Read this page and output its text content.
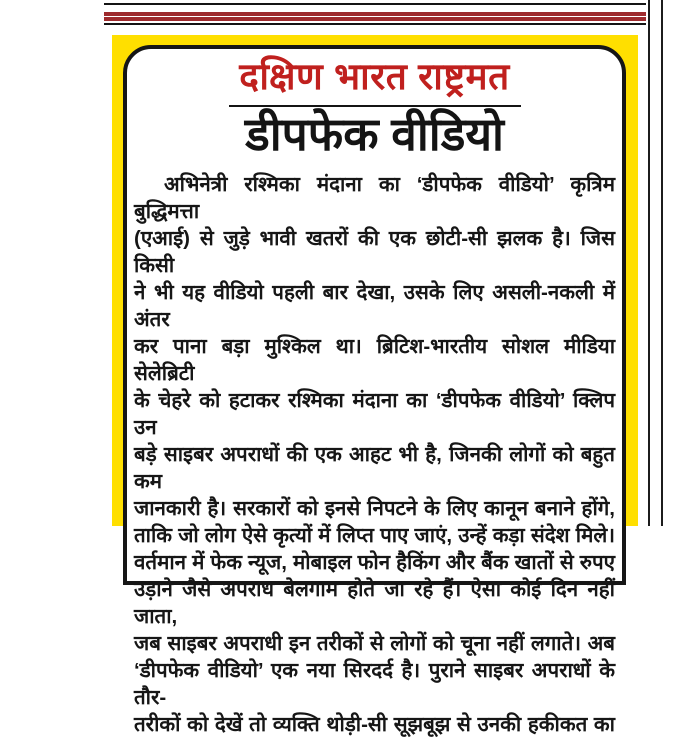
दक्षिण भारत राष्ट्रमत
डीपफेक वीडियो
अभिनेत्री रश्मिका मंदाना का ‘डीपफेक वीडियो’ कृत्रिम बुद्धिमत्ता
(एआई) से जुड़े भावी खतरों की एक छोटी-सी झलक है। जिस किसी
ने भी यह वीडियो पहली बार देखा, उसके लिए असली-नकली में अंतर
कर पाना बड़ा मुश्किल था। ब्रिटिश-भारतीय सोशल मीडिया सेलेब्रिटी
के चेहरे को हटाकर रश्मिका मंदाना का ‘डीपफेक वीडियो’ क्लिप उन
बड़े साइबर अपराधों की एक आहट भी है, जिनकी लोगों को बहुत कम
जानकारी है। सरकारों को इनसे निपटने के लिए कानून बनाने होंगे,
ताकि जो लोग ऐसे कृत्यों में लिप्त पाए जाएं, उन्हें कड़ा संदेश मिले।
वर्तमान में फेक न्यूज, मोबाइल फोन हैकिंग और बैंक खातों से रुपए
उड़ाने जैसे अपराध बेलगाम होते जा रहे हैं। ऐसा कोई दिन नहीं जाता,
जब साइबर अपराधी इन तरीकों से लोगों को चूना नहीं लगाते। अब
‘डीपफेक वीडियो’ एक नया सिरदर्द है। पुराने साइबर अपराधों के तौर-
तरीकों को देखें तो व्यक्ति थोड़ी-सी सूझबूझ से उनकी हकीकत का
